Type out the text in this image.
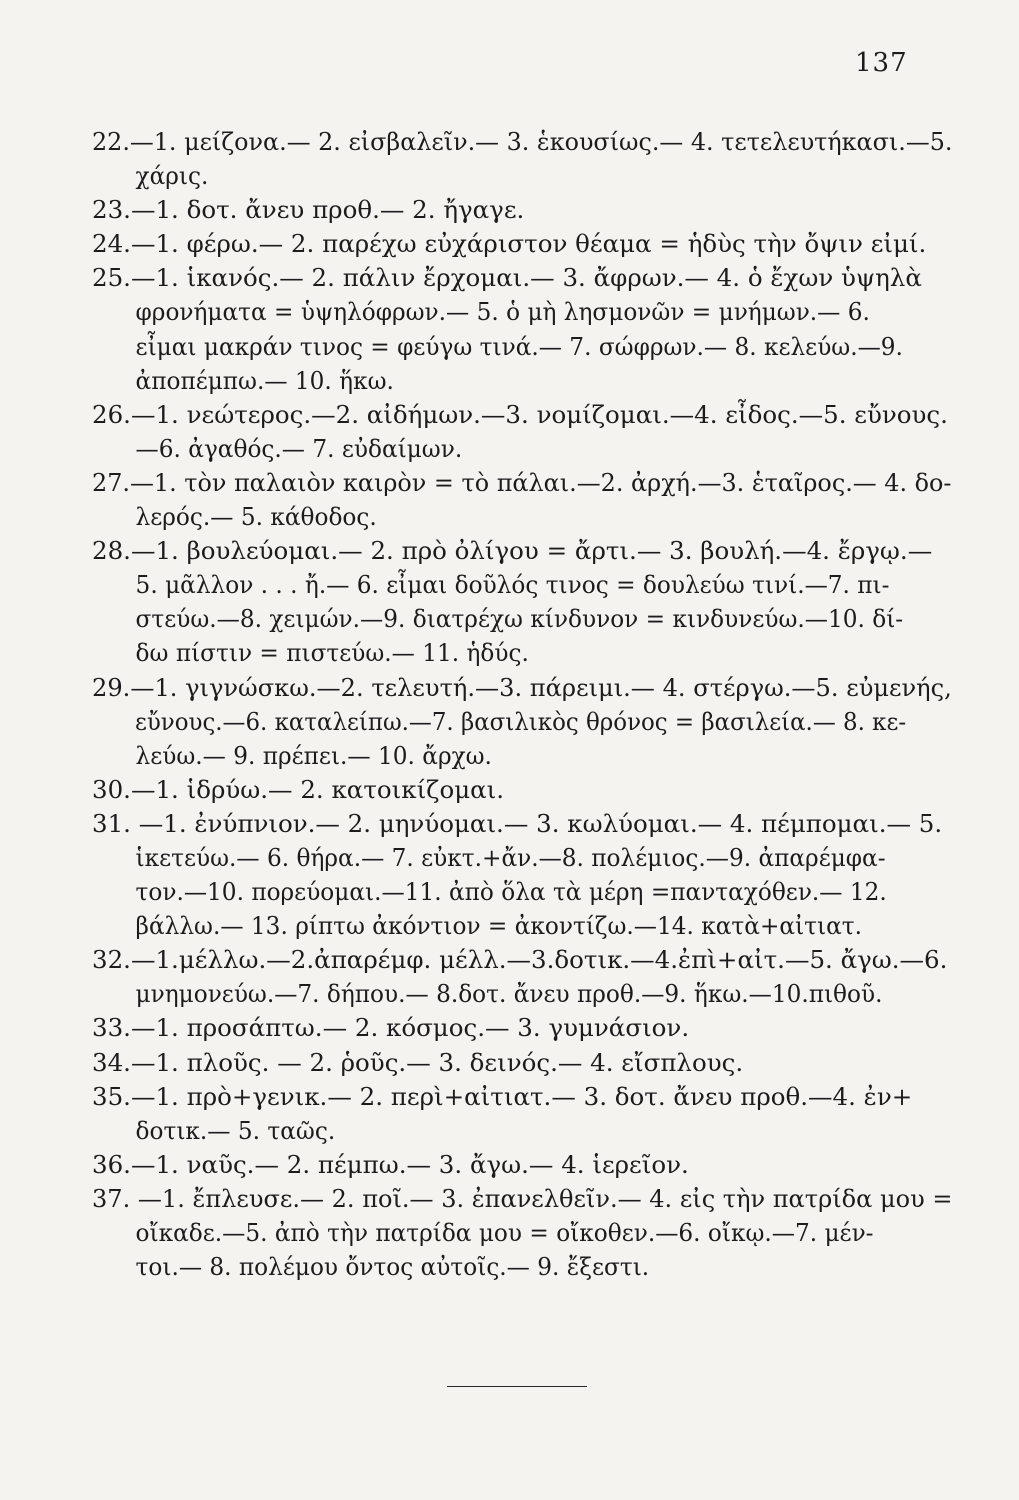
137
22.—1. μείζονα.— 2. εἰσβαλεῖν.— 3. ἑκουσίως.— 4. τετελευτήκασι.—5.
χάρις.
23.—1. δοτ. ἄνευ προθ.— 2. ἤγαγε.
24.—1. φέρω.— 2. παρέχω εὐχάριστον θέαμα = ἡδὺς τὴν ὄψιν εἰμί.
25.—1. ἱκανός.— 2. πάλιν ἔρχομαι.— 3. ἄφρων.— 4. ὁ ἔχων ὑψηλὰ
φρονήματα = ὑψηλόφρων.— 5. ὁ μὴ λησμονῶν = μνήμων.— 6.
εἶμαι μακράν τινος = φεύγω τινά.— 7. σώφρων.— 8. κελεύω.—9.
ἀποπέμπω.— 10. ἥκω.
26.—1. νεώτερος.—2. αἰδήμων.—3. νομίζομαι.—4. εἶδος.—5. εὔνους.
—6. ἀγαθός.— 7. εὐδαίμων.
27.—1. τὸν παλαιὸν καιρὸν = τὸ πάλαι.—2. ἀρχή.—3. ἑταῖρος.— 4. δο-
λερός.— 5. κάθοδος.
28.—1. βουλεύομαι.— 2. πρὸ ὀλίγου = ἄρτι.— 3. βουλή.—4. ἔργῳ.—
5. μᾶλλον . . . ἤ.— 6. εἶμαι δοῦλός τινος = δουλεύω τινί.—7. πι-
στεύω.—8. χειμών.—9. διατρέχω κίνδυνον = κινδυνεύω.—10. δί-
δω πίστιν = πιστεύω.— 11. ἡδύς.
29.—1. γιγνώσκω.—2. τελευτή.—3. πάρειμι.— 4. στέργω.—5. εὐμενής,
εὔνους.—6. καταλείπω.—7. βασιλικὸς θρόνος = βασιλεία.— 8. κε-
λεύω.— 9. πρέπει.— 10. ἄρχω.
30.—1. ἱδρύω.— 2. κατοικίζομαι.
31. —1. ἐνύπνιον.— 2. μηνύομαι.— 3. κωλύομαι.— 4. πέμπομαι.— 5.
ἱκετεύω.— 6. θήρα.— 7. εὐκτ.+ἄν.—8. πολέμιος.—9. ἀπαρέμφα-
τον.—10. πορεύομαι.—11. ἀπὸ ὅλα τὰ μέρη =πανταχόθεν.— 12.
βάλλω.— 13. ρίπτω ἀκόντιον = ἀκοντίζω.—14. κατὰ+αἰτιατ.
32.—1.μέλλω.—2.ἀπαρέμφ. μέλλ.—3.δοτικ.—4.ἐπὶ+αἰτ.—5. ἄγω.—6.
μνημονεύω.—7. δήπου.— 8.δοτ. ἄνευ προθ.—9. ἥκω.—10.πιθοῦ.
33.—1. προσάπτω.— 2. κόσμος.— 3. γυμνάσιον.
34.—1. πλοῦς. — 2. ῥοῦς.— 3. δεινός.— 4. εἴσπλους.
35.—1. πρὸ+γενικ.— 2. περὶ+αἰτιατ.— 3. δοτ. ἄνευ προθ.—4. ἐν+
δοτικ.— 5. ταῶς.
36.—1. ναῦς.— 2. πέμπω.— 3. ἄγω.— 4. ἱερεῖον.
37. —1. ἔπλευσε.— 2. ποῖ.— 3. ἐπανελθεῖν.— 4. εἰς τὴν πατρίδα μου =
οἴκαδε.—5. ἀπὸ τὴν πατρίδα μου = οἴκοθεν.—6. οἴκῳ.—7. μέν-
τοι.— 8. πολέμου ὄντος αὐτοῖς.— 9. ἔξεστι.
